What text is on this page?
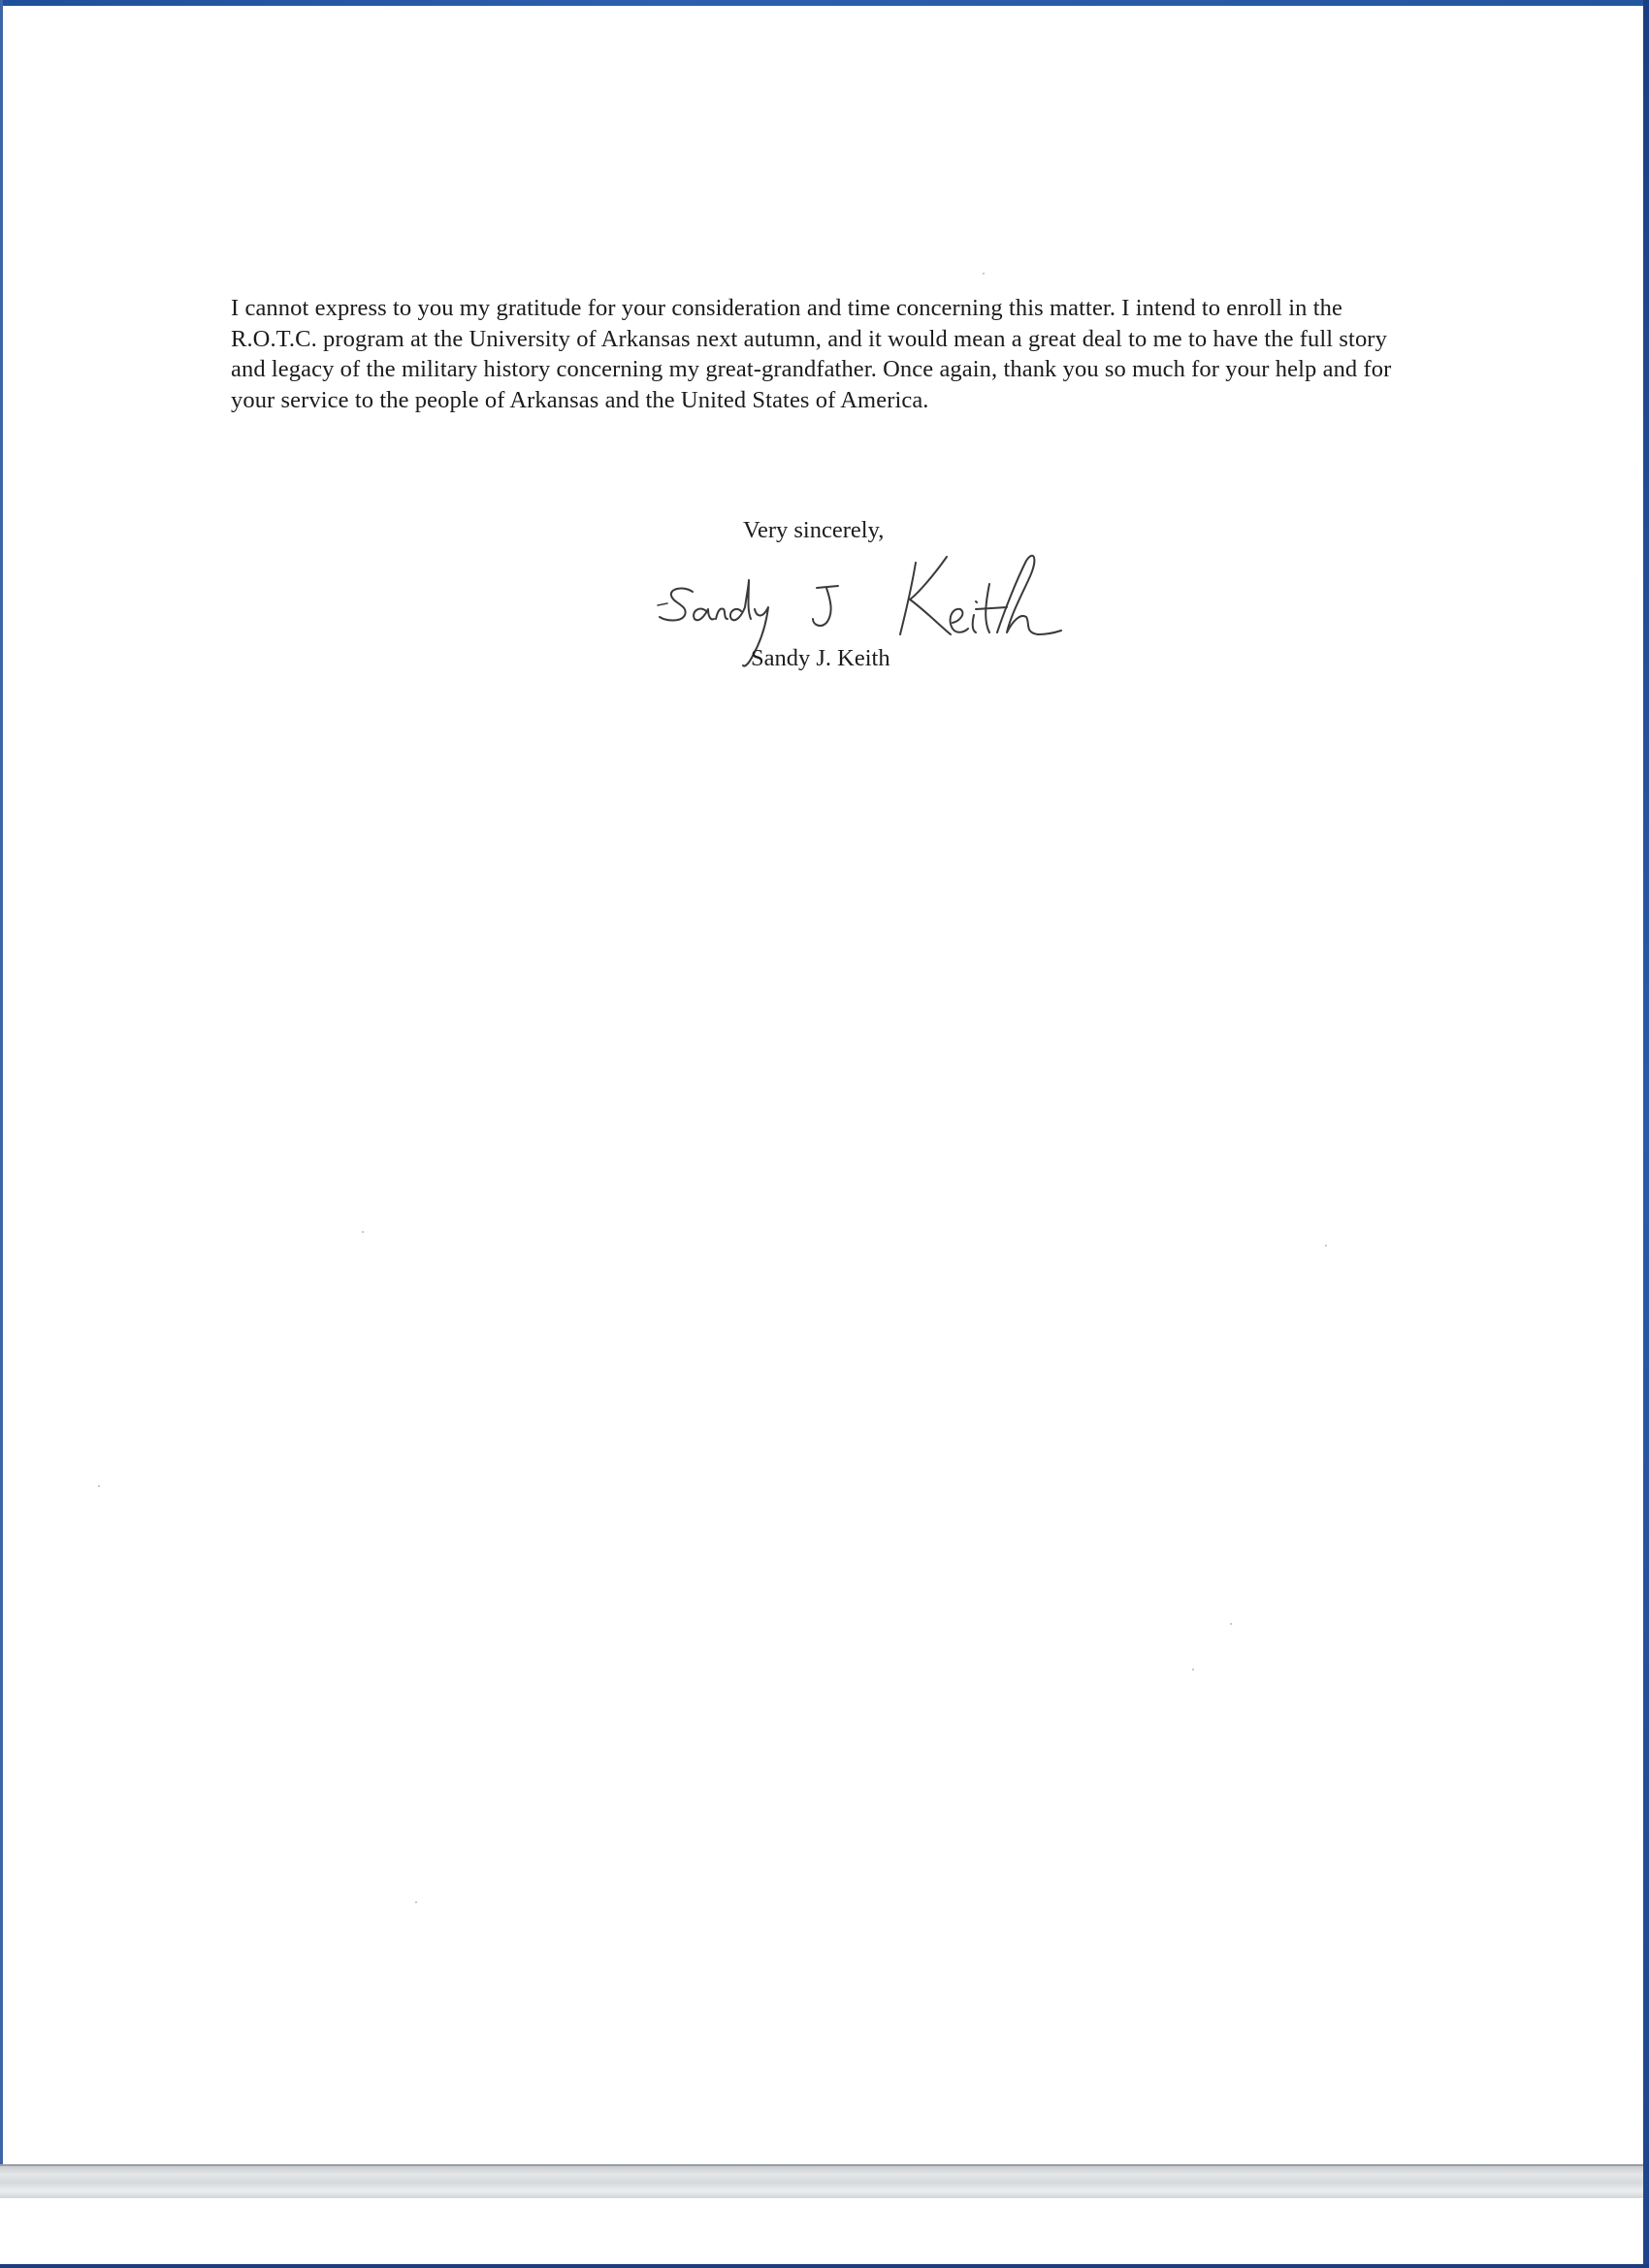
I cannot express to you my gratitude for your consideration and time concerning this matter. I intend to enroll in the R.O.T.C. program at the University of Arkansas next autumn, and it would mean a great deal to me to have the full story and legacy of the military history concerning my great-grandfather. Once again, thank you so much for your help and for your service to the people of Arkansas and the United States of America.

Very sincerely,

Sandy J. Keith
